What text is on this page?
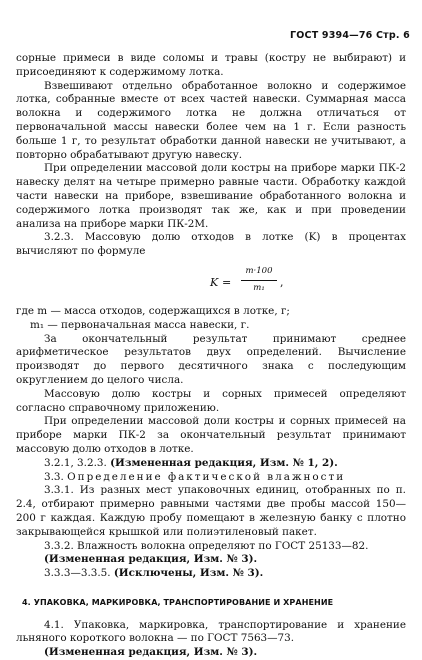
ГОСТ 9394—76 Стр. 6

сорные примеси в виде соломы и травы (костру не выбирают) и присоединяют к содержимому лотка.

Взвешивают отдельно обработанное волокно и содержимое лотка, собранные вместе от всех частей навески. Суммарная масса волокна и содержимого лотка не должна отличаться от первоначальной массы навески более чем на 1 г. Если разность больше 1 г, то результат обработки данной навески не учитывают, а повторно обрабатывают другую навеску.

При определении массовой доли костры на приборе марки ПК-2 навеску делят на четыре примерно равные части. Обработку каждой части навески на приборе, взвешивание обработанного волокна и содержимого лотка производят так же, как и при проведении анализа на приборе марки ПК-2М.

3.2.3. Массовую долю отходов в лотке (K) в процентах вычисляют по формуле

K =
m·100
m₁	,

где m — масса отходов, содержащихся в лотке, г;

m₁ — первоначальная масса навески, г.

За окончательный результат принимают среднее арифметическое результатов двух определений. Вычисление производят до первого десятичного знака с последующим округлением до целого числа.

Массовую долю костры и сорных примесей определяют согласно справочному приложению.

При определении массовой доли костры и сорных примесей на приборе марки ПК-2 за окончательный результат принимают массовую долю отходов в лотке.

3.2.1, 3.2.3. (Измененная редакция, Изм. № 1, 2).

3.3. Определение фактической влажности

3.3.1. Из разных мест упаковочных единиц, отобранных по п. 2.4, отбирают примерно равными частями две пробы массой 150—200 г каждая. Каждую пробу помещают в железную банку с плотно закрывающейся крышкой или полиэтиленовый пакет.

3.3.2. Влажность волокна определяют по ГОСТ 25133—82.

(Измененная редакция, Изм. № 3).

3.3.3—3.3.5. (Исключены, Изм. № 3).

4. УПАКОВКА, МАРКИРОВКА, ТРАНСПОРТИРОВАНИЕ И ХРАНЕНИЕ

4.1. Упаковка, маркировка, транспортирование и хранение льняного короткого волокна — по ГОСТ 7563—73.

(Измененная редакция, Изм. № 3).
